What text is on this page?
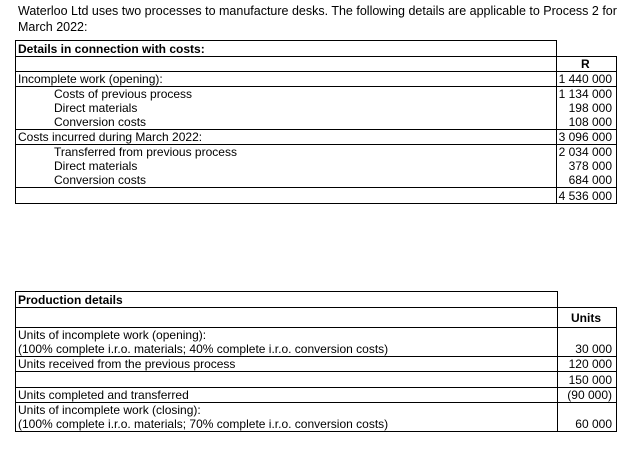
Waterloo Ltd uses two processes to manufacture desks. The following details are applicable to Process 2 for
March 2022:
Details in connection with costs:	
	R
Incomplete work (opening):	1 440 000
Costs of previous process	1 134 000
Direct materials	198 000
Conversion costs	108 000
Costs incurred during March 2022:	3 096 000
Transferred from previous process	2 034 000
Direct materials	378 000
Conversion costs	684 000
	4 536 000
Production details	
	Units
Units of incomplete work (opening):	
(100% complete i.r.o. materials; 40% complete i.r.o. conversion costs)	30 000
Units received from the previous process	120 000
	150 000
Units completed and transferred	(90 000)
Units of incomplete work (closing):	
(100% complete i.r.o. materials; 70% complete i.r.o. conversion costs)	60 000
